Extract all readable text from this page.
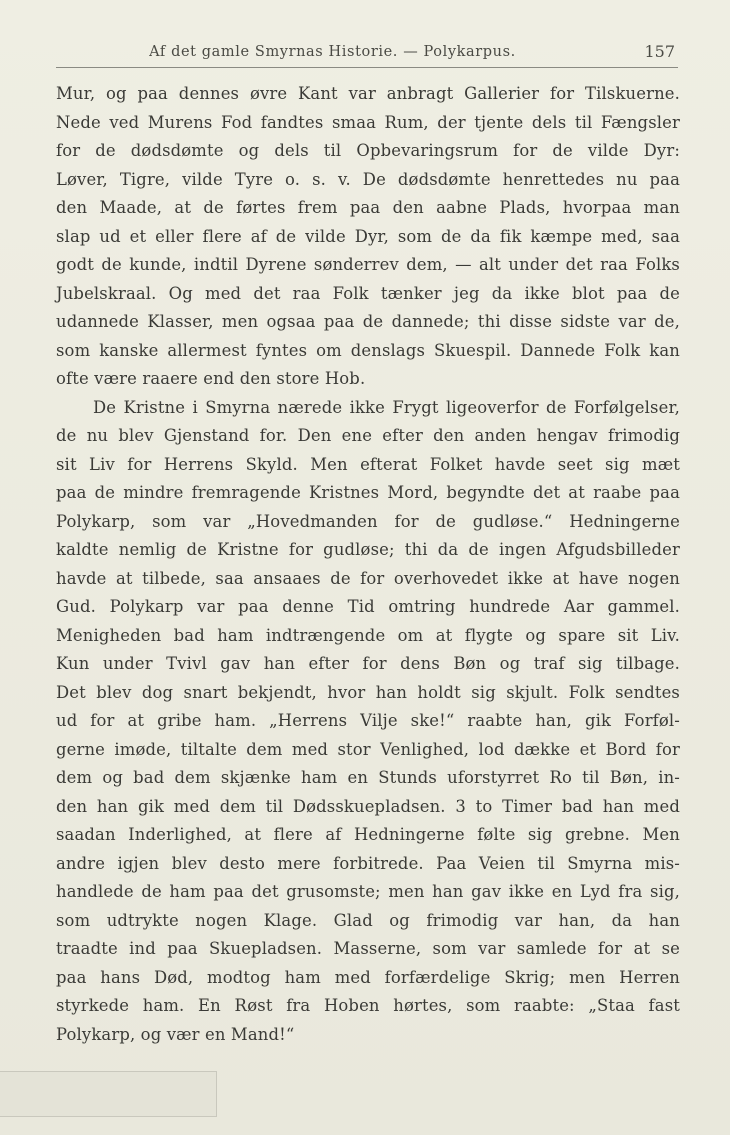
Af det gamle Smyrnas Historie. — Polykarpus.	157
Mur, og paa dennes øvre Kant var anbragt Gallerier for Tilskuerne.
Nede ved Murens Fod fandtes smaa Rum, der tjente dels til Fængsler
for de dødsdømte og dels til Opbevaringsrum for de vilde Dyr:
Løver, Tigre, vilde Tyre o. s. v. De dødsdømte henrettedes nu paa
den Maade, at de førtes frem paa den aabne Plads, hvorpaa man
slap ud et eller flere af de vilde Dyr, som de da fik kæmpe med, saa
godt de kunde, indtil Dyrene sønderrev dem, — alt under det raa Folks
Jubelskraal. Og med det raa Folk tænker jeg da ikke blot paa de
udannede Klasser, men ogsaa paa de dannede; thi disse sidste var de,
som kanske allermest fyntes om denslags Skuespil. Dannede Folk kan
ofte være raaere end den store Hob.
De Kristne i Smyrna nærede ikke Frygt ligeoverfor de Forfølgelser,
de nu blev Gjenstand for. Den ene efter den anden hengav frimodig
sit Liv for Herrens Skyld. Men efterat Folket havde seet sig mæt
paa de mindre fremragende Kristnes Mord, begyndte det at raabe paa
Polykarp, som var „Hovedmanden for de gudløse.“ Hedningerne
kaldte nemlig de Kristne for gudløse; thi da de ingen Afgudsbilleder
havde at tilbede, saa ansaaes de for overhovedet ikke at have nogen
Gud. Polykarp var paa denne Tid omtring hundrede Aar gammel.
Menigheden bad ham indtrængende om at flygte og spare sit Liv.
Kun under Tvivl gav han efter for dens Bøn og traf sig tilbage.
Det blev dog snart bekjendt, hvor han holdt sig skjult. Folk sendtes
ud for at gribe ham. „Herrens Vilje ske!“ raabte han, gik Forføl-
gerne imøde, tiltalte dem med stor Venlighed, lod dække et Bord for
dem og bad dem skjænke ham en Stunds uforstyrret Ro til Bøn, in-
den han gik med dem til Dødsskuepladsen. 3 to Timer bad han med
saadan Inderlighed, at flere af Hedningerne følte sig grebne. Men
andre igjen blev desto mere forbitrede. Paa Veien til Smyrna mis-
handlede de ham paa det grusomste; men han gav ikke en Lyd fra sig,
som udtrykte nogen Klage. Glad og frimodig var han, da han
traadte ind paa Skuepladsen. Masserne, som var samlede for at se
paa hans Død, modtog ham med forfærdelige Skrig; men Herren
styrkede ham. En Røst fra Hoben hørtes, som raabte: „Staa fast
Polykarp, og vær en Mand!“
